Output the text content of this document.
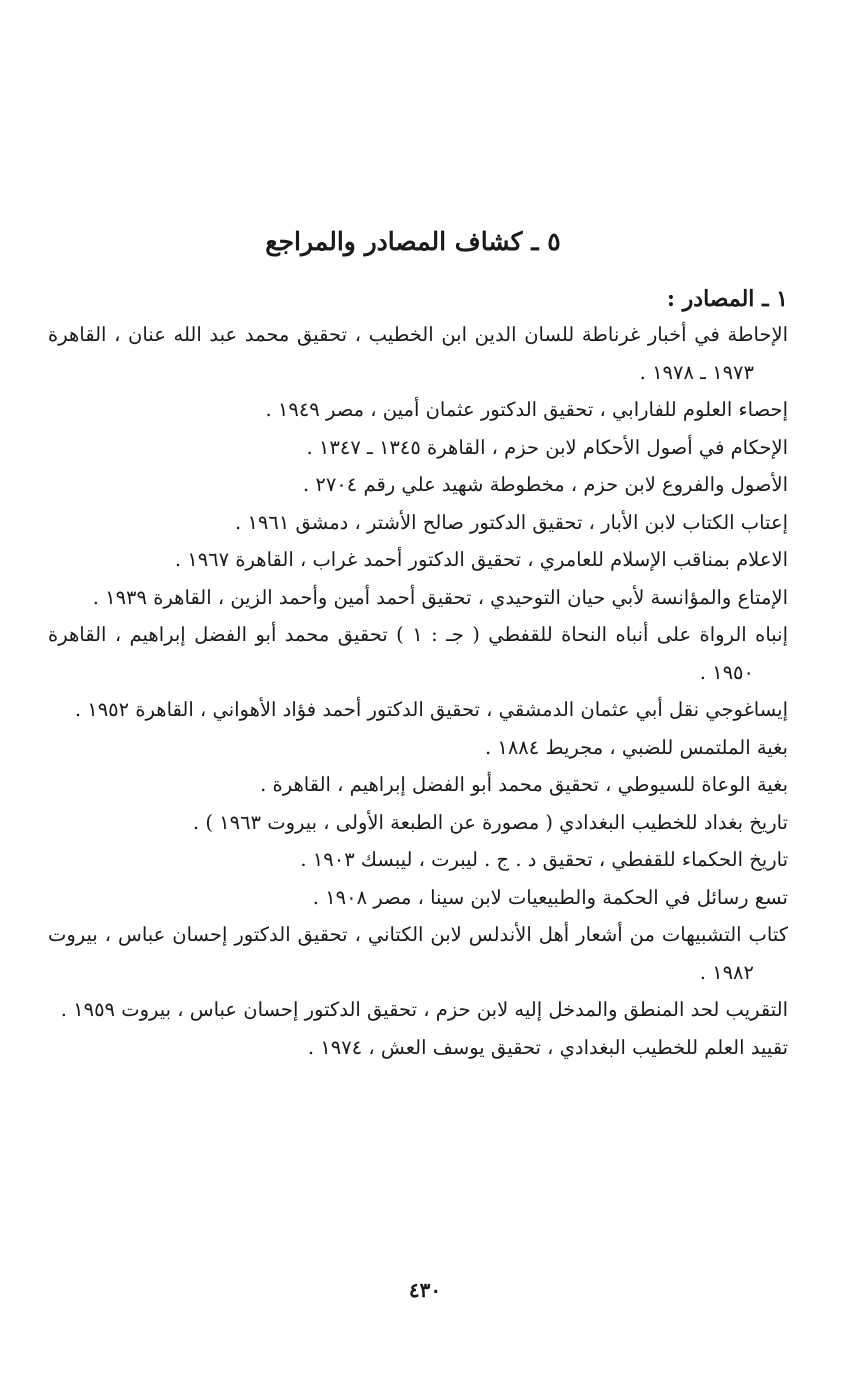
٥ ـ كشاف المصادر والمراجع
١ ـ المصادر :
الإحاطة في أخبار غرناطة للسان الدين ابن الخطيب ، تحقيق محمد عبد الله عنان ، القاهرة ١٩٧٣ ـ ١٩٧٨ .
إحصاء العلوم للفارابي ، تحقيق الدكتور عثمان أمين ، مصر ١٩٤٩ .
الإحكام في أصول الأحكام لابن حزم ، القاهرة ١٣٤٥ ـ ١٣٤٧ .
الأصول والفروع لابن حزم ، مخطوطة شهيد علي رقم ٢٧٠٤ .
إعتاب الكتاب لابن الأبار ، تحقيق الدكتور صالح الأشتر ، دمشق ١٩٦١ .
الاعلام بمناقب الإسلام للعامري ، تحقيق الدكتور أحمد غراب ، القاهرة ١٩٦٧ .
الإمتاع والمؤانسة لأبي حيان التوحيدي ، تحقيق أحمد أمين وأحمد الزين ، القاهرة ١٩٣٩ .
إنباه الرواة على أنباه النحاة للقفطي ( جـ : ١ ) تحقيق محمد أبو الفضل إبراهيم ، القاهرة ١٩٥٠ .
إيساغوجي نقل أبي عثمان الدمشقي ، تحقيق الدكتور أحمد فؤاد الأهواني ، القاهرة ١٩٥٢ .
بغية الملتمس للضبي ، مجريط ١٨٨٤ .
بغية الوعاة للسيوطي ، تحقيق محمد أبو الفضل إبراهيم ، القاهرة .
تاريخ بغداد للخطيب البغدادي ( مصورة عن الطبعة الأولى ، بيروت ١٩٦٣ ) .
تاريخ الحكماء للقفطي ، تحقيق د . ج . ليبرت ، ليبسك ١٩٠٣ .
تسع رسائل في الحكمة والطبيعيات لابن سينا ، مصر ١٩٠٨ .
كتاب التشبيهات من أشعار أهل الأندلس لابن الكتاني ، تحقيق الدكتور إحسان عباس ، بيروت ١٩٨٢ .
التقريب لحد المنطق والمدخل إليه لابن حزم ، تحقيق الدكتور إحسان عباس ، بيروت ١٩٥٩ .
تقييد العلم للخطيب البغدادي ، تحقيق يوسف العش ، ١٩٧٤ .
٤٣٠
